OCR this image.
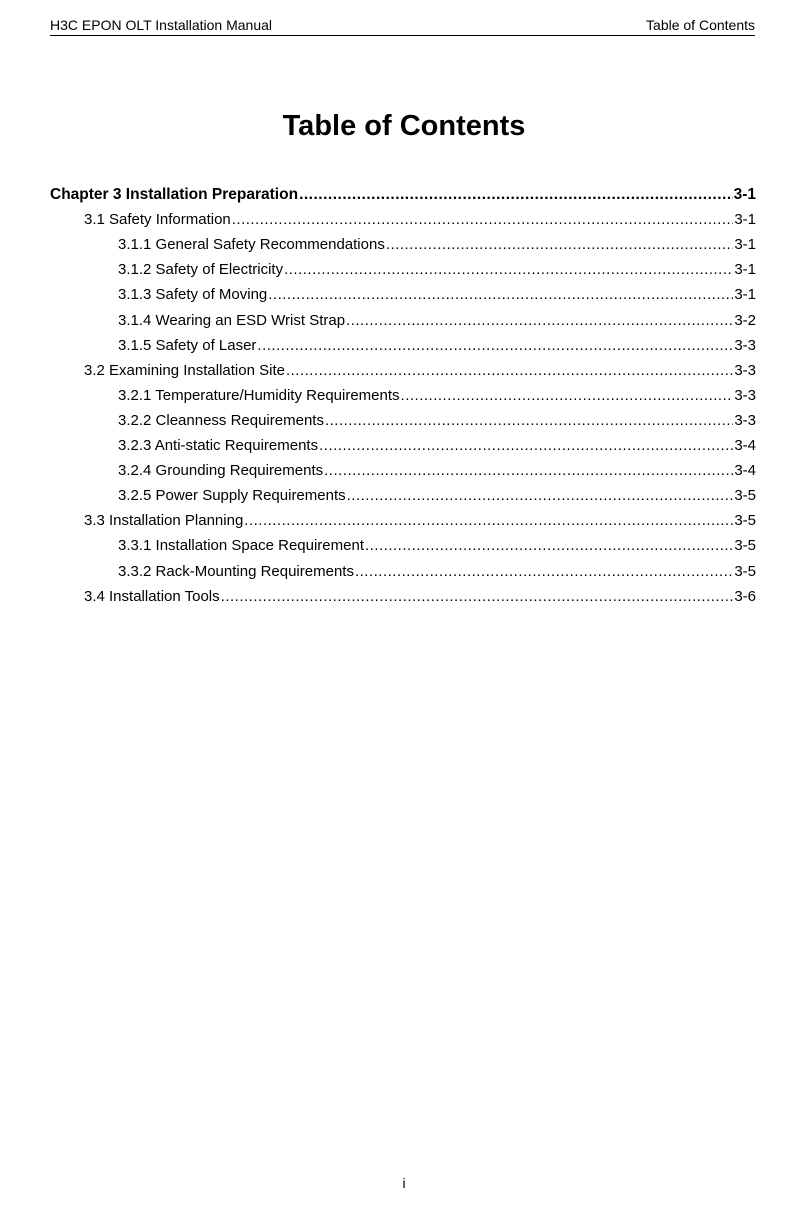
H3C EPON OLT Installation Manual	Table of Contents
Table of Contents
Chapter 3 Installation Preparation .....	3-1
3.1 Safety Information .....	3-1
3.1.1 General Safety Recommendations .....	3-1
3.1.2 Safety of Electricity .....	3-1
3.1.3 Safety of Moving .....	3-1
3.1.4 Wearing an ESD Wrist Strap .....	3-2
3.1.5 Safety of Laser .....	3-3
3.2 Examining Installation Site .....	3-3
3.2.1 Temperature/Humidity Requirements .....	3-3
3.2.2 Cleanness Requirements .....	3-3
3.2.3 Anti-static Requirements .....	3-4
3.2.4 Grounding Requirements .....	3-4
3.2.5 Power Supply Requirements .....	3-5
3.3 Installation Planning .....	3-5
3.3.1 Installation Space Requirement .....	3-5
3.3.2 Rack-Mounting Requirements .....	3-5
3.4 Installation Tools .....	3-6
i
